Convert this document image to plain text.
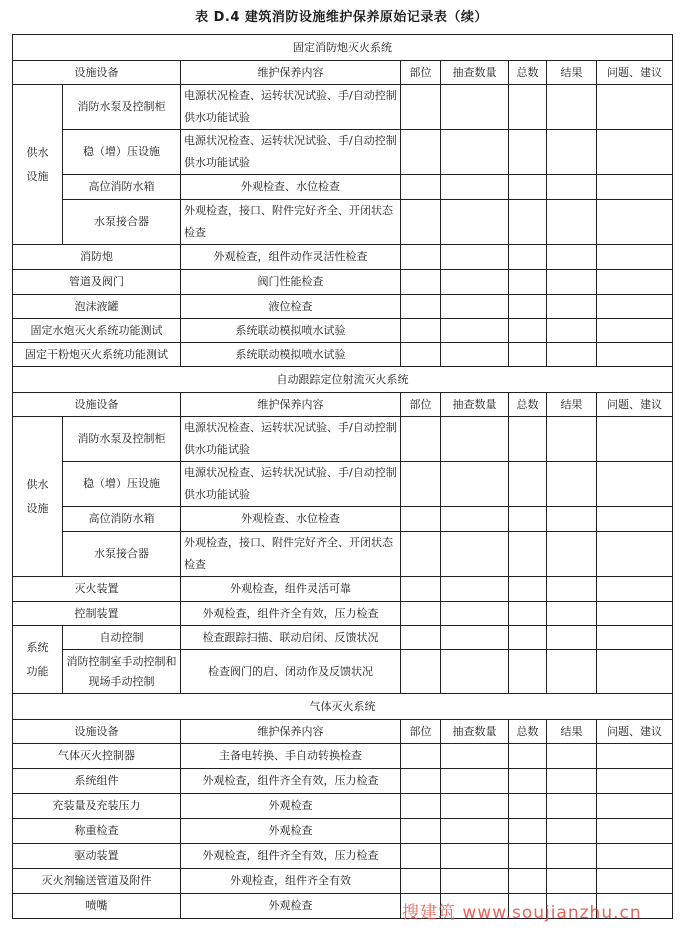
表 D.4 建筑消防设施维护保养原始记录表（续）
固定消防炮灭火系统							
设施设备		维护保养内容	部位	抽查数量	总数	结果	问题、建议
供水设施	消防水泵及控制柜	电源状况检查、运转状况试验、手/自动控制供水功能试验					
	稳（增）压设施	电源状况检查、运转状况试验、手/自动控制供水功能试验					
	高位消防水箱	外观检查、水位检查					
	水泵接合器	外观检查，接口、附件完好齐全、开闭状态检查					
消防炮		外观检查，组件动作灵活性检查					
管道及阀门		阀门性能检查					
泡沫液罐		液位检查					
固定水炮灭火系统功能测试		系统联动模拟喷水试验					
固定干粉炮灭火系统功能测试		系统联动模拟喷水试验					
自动跟踪定位射流灭火系统							
设施设备		维护保养内容	部位	抽查数量	总数	结果	问题、建议
供水设施	消防水泵及控制柜	电源状况检查、运转状况试验、手/自动控制供水功能试验					
	稳（增）压设施	电源状况检查、运转状况试验、手/自动控制供水功能试验					
	高位消防水箱	外观检查、水位检查					
	水泵接合器	外观检查，接口、附件完好齐全、开闭状态检查					
灭火装置		外观检查，组件灵活可靠					
控制装置		外观检查，组件齐全有效，压力检查					
系统功能	自动控制	检查跟踪扫描、联动启闭、反馈状况					
	消防控制室手动控制和现场手动控制	检查阀门的启、闭动作及反馈状况					
气体灭火系统							
设施设备		维护保养内容	部位	抽查数量	总数	结果	问题、建议
气体灭火控制器		主备电转换、手自动转换检查					
系统组件		外观检查，组件齐全有效，压力检查					
充装量及充装压力		外观检查					
称重检查		外观检查					
驱动装置		外观检查，组件齐全有效，压力检查					
灭火剂输送管道及附件		外观检查，组件齐全有效					
喷嘴		外观检查						搜建筑 www.soujianzhu.cn
